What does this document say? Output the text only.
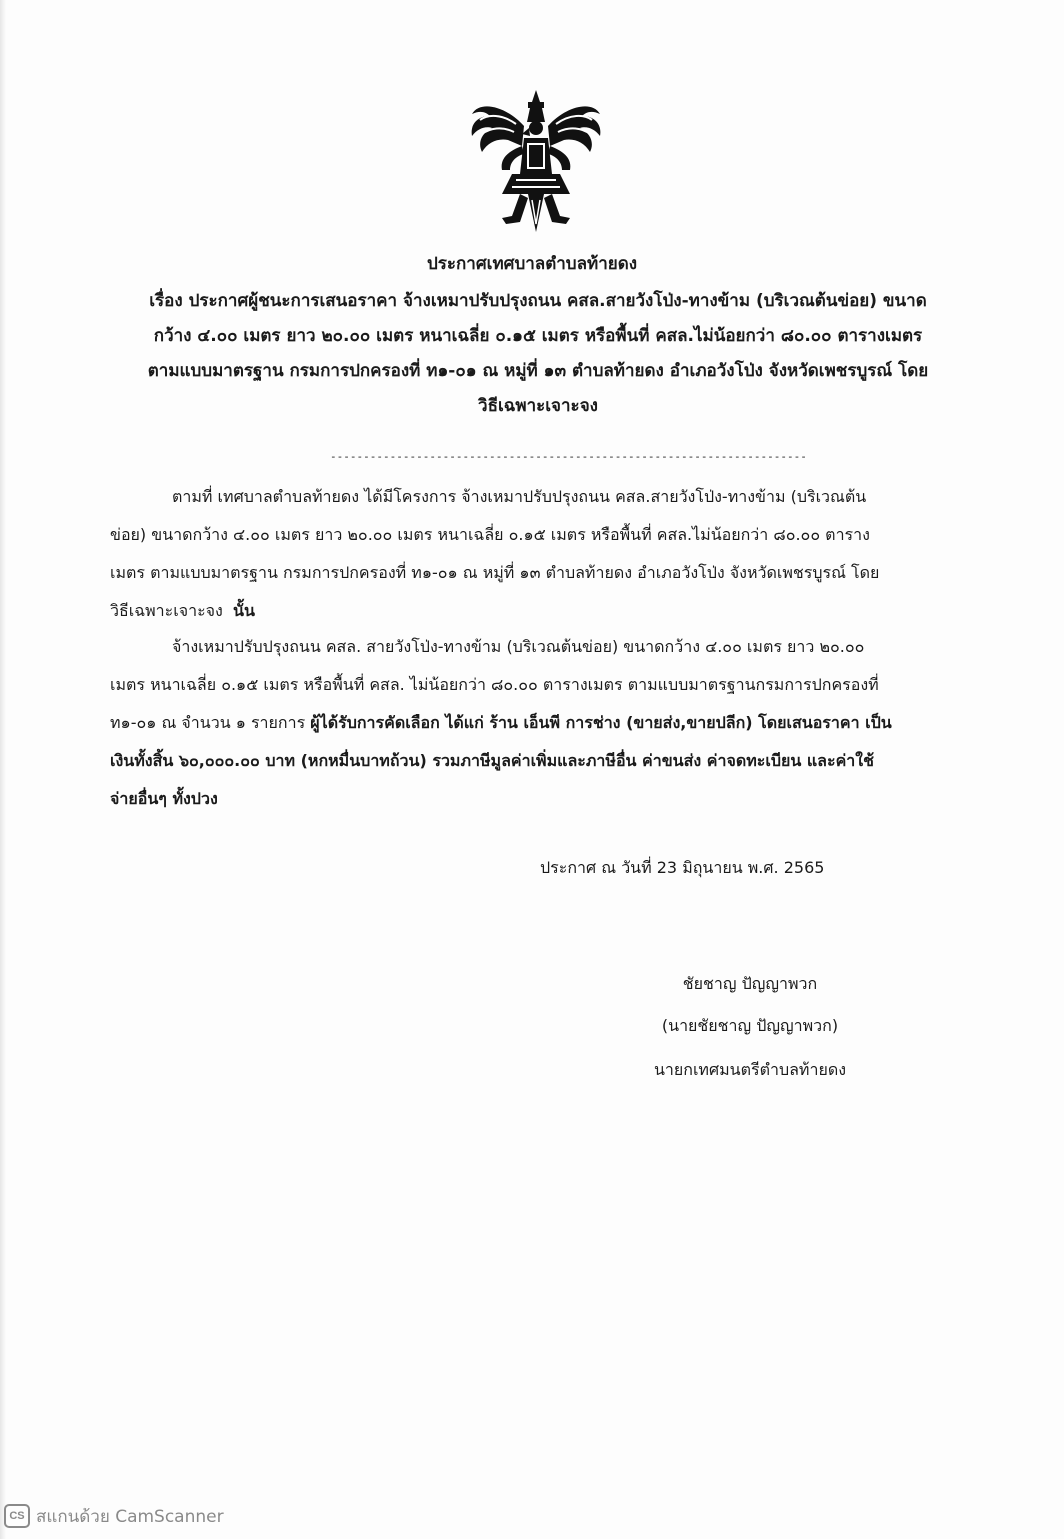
ประกาศเทศบาลตำบลท้ายดง
เรื่อง ประกาศผู้ชนะการเสนอราคา จ้างเหมาปรับปรุงถนน คสล.สายวังโป่ง-ทางข้าม (บริเวณต้นข่อย) ขนาด
กว้าง ๔.๐๐ เมตร ยาว ๒๐.๐๐ เมตร หนาเฉลี่ย ๐.๑๕ เมตร หรือพื้นที่ คสล.ไม่น้อยกว่า ๘๐.๐๐ ตารางเมตร
ตามแบบมาตรฐาน กรมการปกครองที่ ท๑-๐๑ ณ หมู่ที่ ๑๓ ตำบลท้ายดง อำเภอวังโป่ง จังหวัดเพชรบูรณ์ โดย
วิธีเฉพาะเจาะจง
------------------------------------------------------------------------
ตามที่ เทศบาลตำบลท้ายดง ได้มีโครงการ จ้างเหมาปรับปรุงถนน คสล.สายวังโป่ง-ทางข้าม (บริเวณต้น
ข่อย) ขนาดกว้าง ๔.๐๐ เมตร ยาว ๒๐.๐๐ เมตร หนาเฉลี่ย ๐.๑๕ เมตร หรือพื้นที่ คสล.ไม่น้อยกว่า ๘๐.๐๐ ตาราง
เมตร ตามแบบมาตรฐาน กรมการปกครองที่ ท๑-๐๑ ณ หมู่ที่ ๑๓ ตำบลท้ายดง อำเภอวังโป่ง จังหวัดเพชรบูรณ์ โดย
วิธีเฉพาะเจาะจง นั้น
จ้างเหมาปรับปรุงถนน คสล. สายวังโป่ง-ทางข้าม (บริเวณต้นข่อย) ขนาดกว้าง ๔.๐๐ เมตร ยาว ๒๐.๐๐
เมตร หนาเฉลี่ย ๐.๑๕ เมตร หรือพื้นที่ คสล. ไม่น้อยกว่า ๘๐.๐๐ ตารางเมตร ตามแบบมาตรฐานกรมการปกครองที่
ท๑-๐๑ ณ จำนวน ๑ รายการ ผู้ได้รับการคัดเลือก ได้แก่ ร้าน เอ็นพี การช่าง (ขายส่ง,ขายปลีก) โดยเสนอราคา เป็น
เงินทั้งสิ้น ๖๐,๐๐๐.๐๐ บาท (หกหมื่นบาทถ้วน) รวมภาษีมูลค่าเพิ่มและภาษีอื่น ค่าขนส่ง ค่าจดทะเบียน และค่าใช้
จ่ายอื่นๆ ทั้งปวง
ประกาศ ณ วันที่ 23 มิถุนายน พ.ศ. 2565
ชัยชาญ ปัญญาพวก
(นายชัยชาญ ปัญญาพวก)
นายกเทศมนตรีตำบลท้ายดง
CS สแกนด้วย CamScanner
